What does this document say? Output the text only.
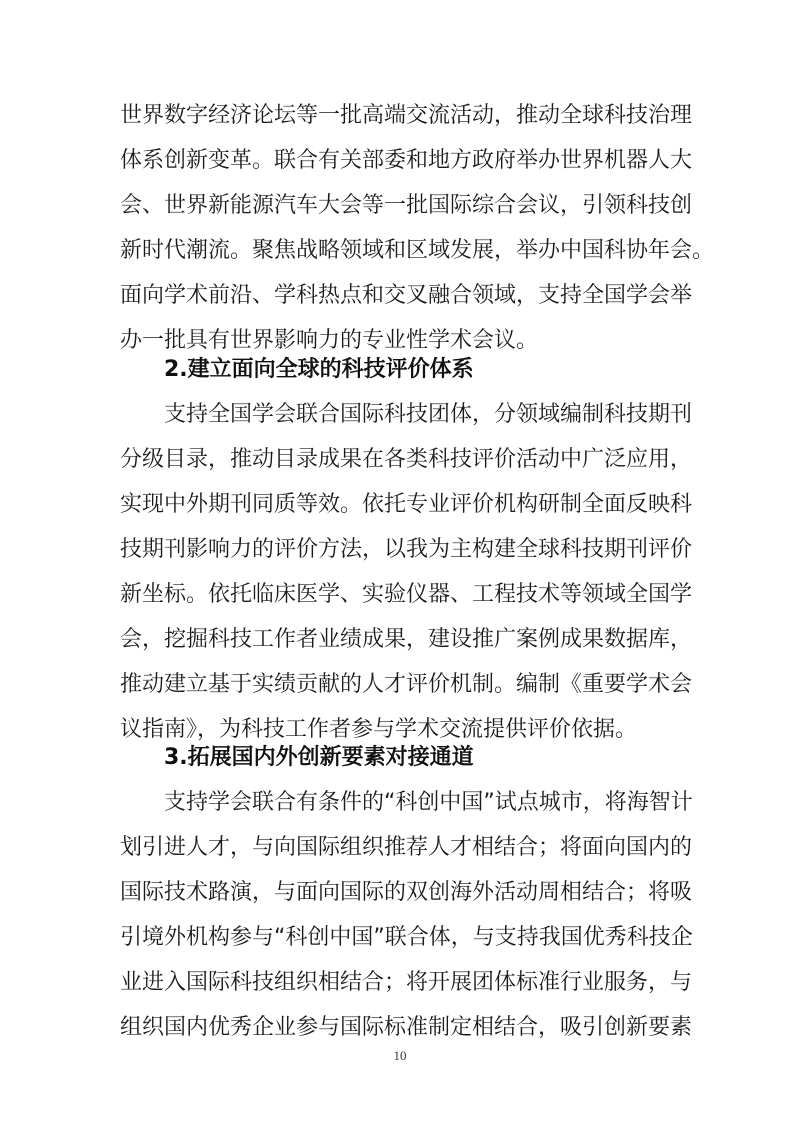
世界数字经济论坛等一批高端交流活动，推动全球科技治理
体系创新变革。联合有关部委和地方政府举办世界机器人大
会、世界新能源汽车大会等一批国际综合会议，引领科技创
新时代潮流。聚焦战略领域和区域发展，举办中国科协年会。
面向学术前沿、学科热点和交叉融合领域，支持全国学会举
办一批具有世界影响力的专业性学术会议。
2.建立面向全球的科技评价体系
支持全国学会联合国际科技团体，分领域编制科技期刊
分级目录，推动目录成果在各类科技评价活动中广泛应用，
实现中外期刊同质等效。依托专业评价机构研制全面反映科
技期刊影响力的评价方法，以我为主构建全球科技期刊评价
新坐标。依托临床医学、实验仪器、工程技术等领域全国学
会，挖掘科技工作者业绩成果，建设推广案例成果数据库，
推动建立基于实绩贡献的人才评价机制。编制《重要学术会
议指南》，为科技工作者参与学术交流提供评价依据。
3.拓展国内外创新要素对接通道
支持学会联合有条件的“科创中国”试点城市，将海智计
划引进人才，与向国际组织推荐人才相结合；将面向国内的
国际技术路演，与面向国际的双创海外活动周相结合；将吸
引境外机构参与“科创中国”联合体，与支持我国优秀科技企
业进入国际科技组织相结合；将开展团体标准行业服务，与
组织国内优秀企业参与国际标准制定相结合，吸引创新要素
10
